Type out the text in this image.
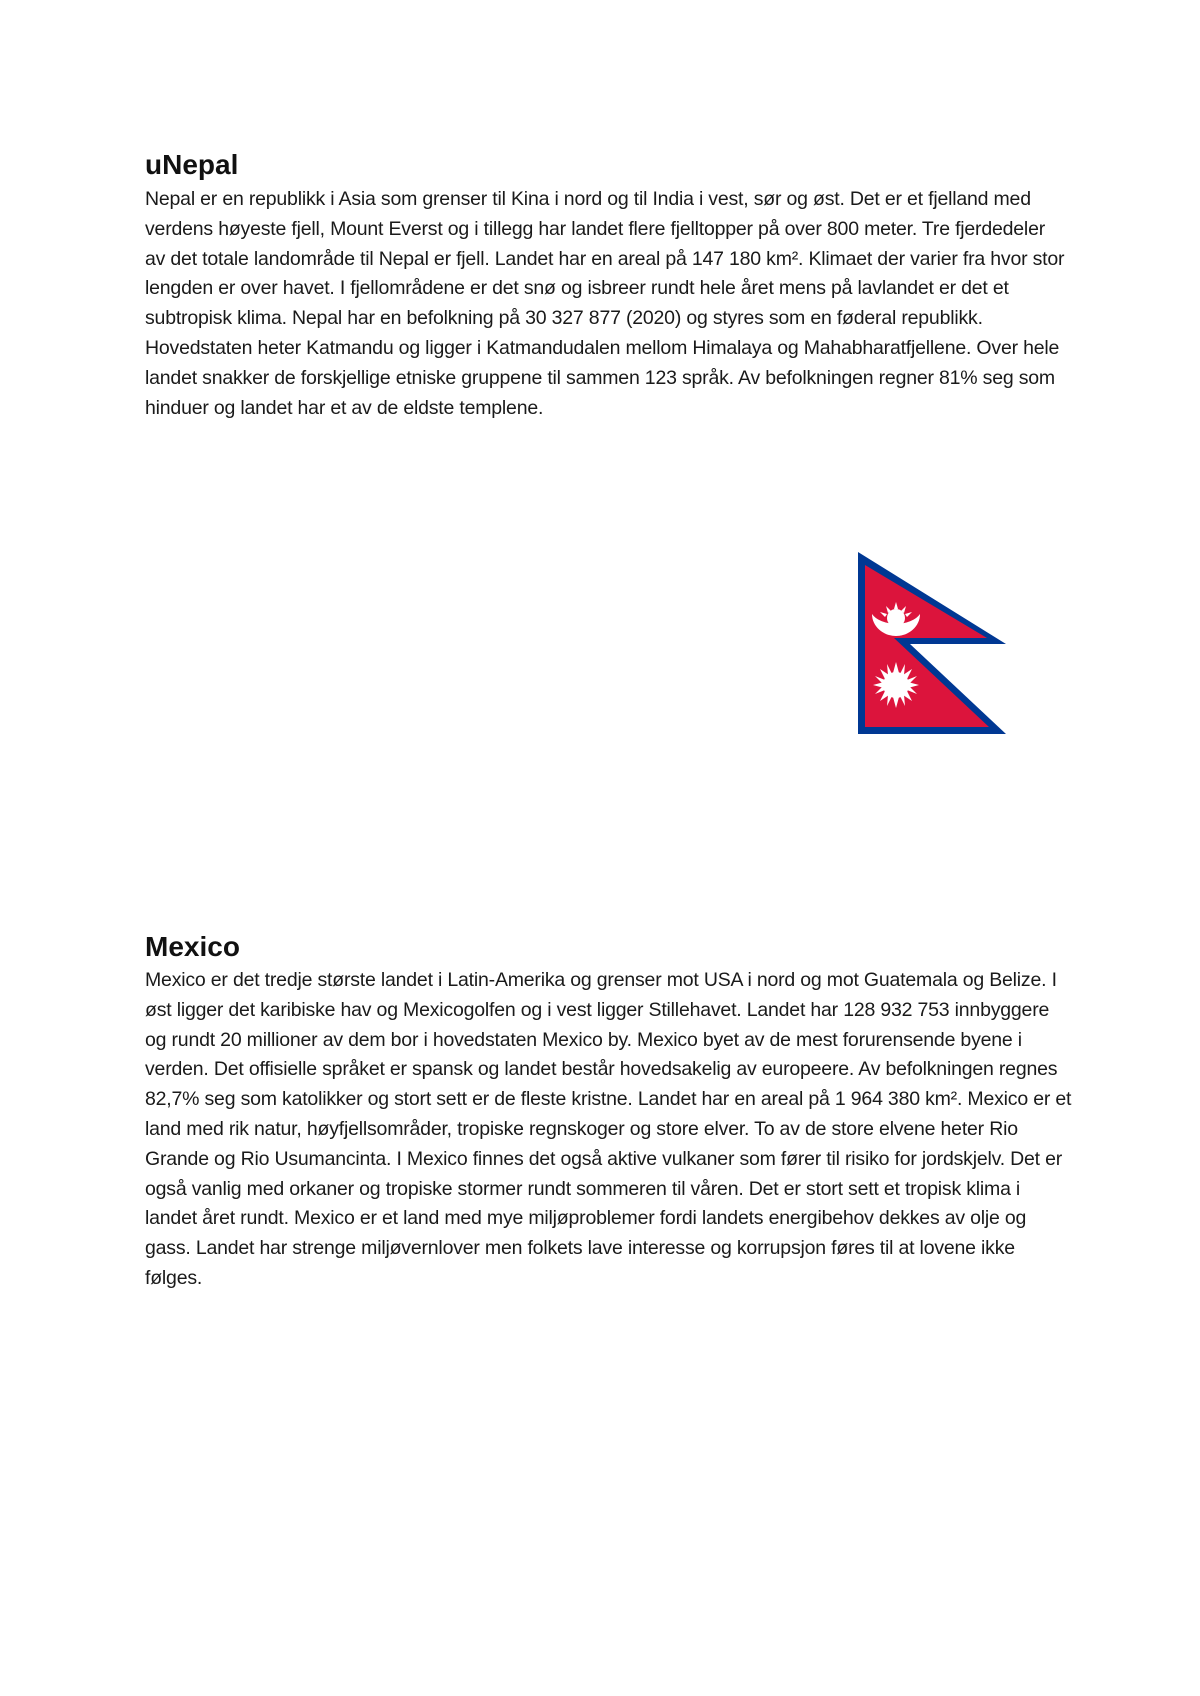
uNepal

Nepal er en republikk i Asia som grenser til Kina i nord og til India i vest, sør og øst. Det er et fjelland med verdens høyeste fjell, Mount Everst og i tillegg har landet flere fjelltopper på over 800 meter. Tre fjerdedeler av det totale landområde til Nepal er fjell. Landet har en areal på 147 180 km². Klimaet der varier fra hvor stor lengden er over havet. I fjellområdene er det snø og isbreer rundt hele året mens på lavlandet er det et subtropisk klima. Nepal har en befolkning på 30 327 877 (2020) og styres som en føderal republikk. Hovedstaten heter Katmandu og ligger i Katmandudalen mellom Himalaya og Mahabharatfjellene. Over hele landet snakker de forskjellige etniske gruppene til sammen 123 språk. Av befolkningen regner 81% seg som hinduer og landet har et av de eldste templene.

Mexico

Mexico er det tredje største landet i Latin-Amerika og grenser mot USA i nord og mot Guatemala og Belize. I øst ligger det karibiske hav og Mexicogolfen og i vest ligger Stillehavet. Landet har 128 932 753 innbyggere og rundt 20 millioner av dem bor i hovedstaten Mexico by. Mexico byet av de mest forurensende byene i verden. Det offisielle språket er spansk og landet består hovedsakelig av europeere. Av befolkningen regnes 82,7% seg som katolikker og stort sett er de fleste kristne. Landet har en areal på 1 964 380 km². Mexico er et land med rik natur, høyfjellsområder, tropiske regnskoger og store elver. To av de store elvene heter Rio Grande og Rio Usumancinta. I Mexico finnes det også aktive vulkaner som fører til risiko for jordskjelv. Det er også vanlig med orkaner og tropiske stormer rundt sommeren til våren. Det er stort sett et tropisk klima i landet året rundt. Mexico er et land med mye miljøproblemer fordi landets energibehov dekkes av olje og gass. Landet har strenge miljøvernlover men folkets lave interesse og korrupsjon føres til at lovene ikke følges.
